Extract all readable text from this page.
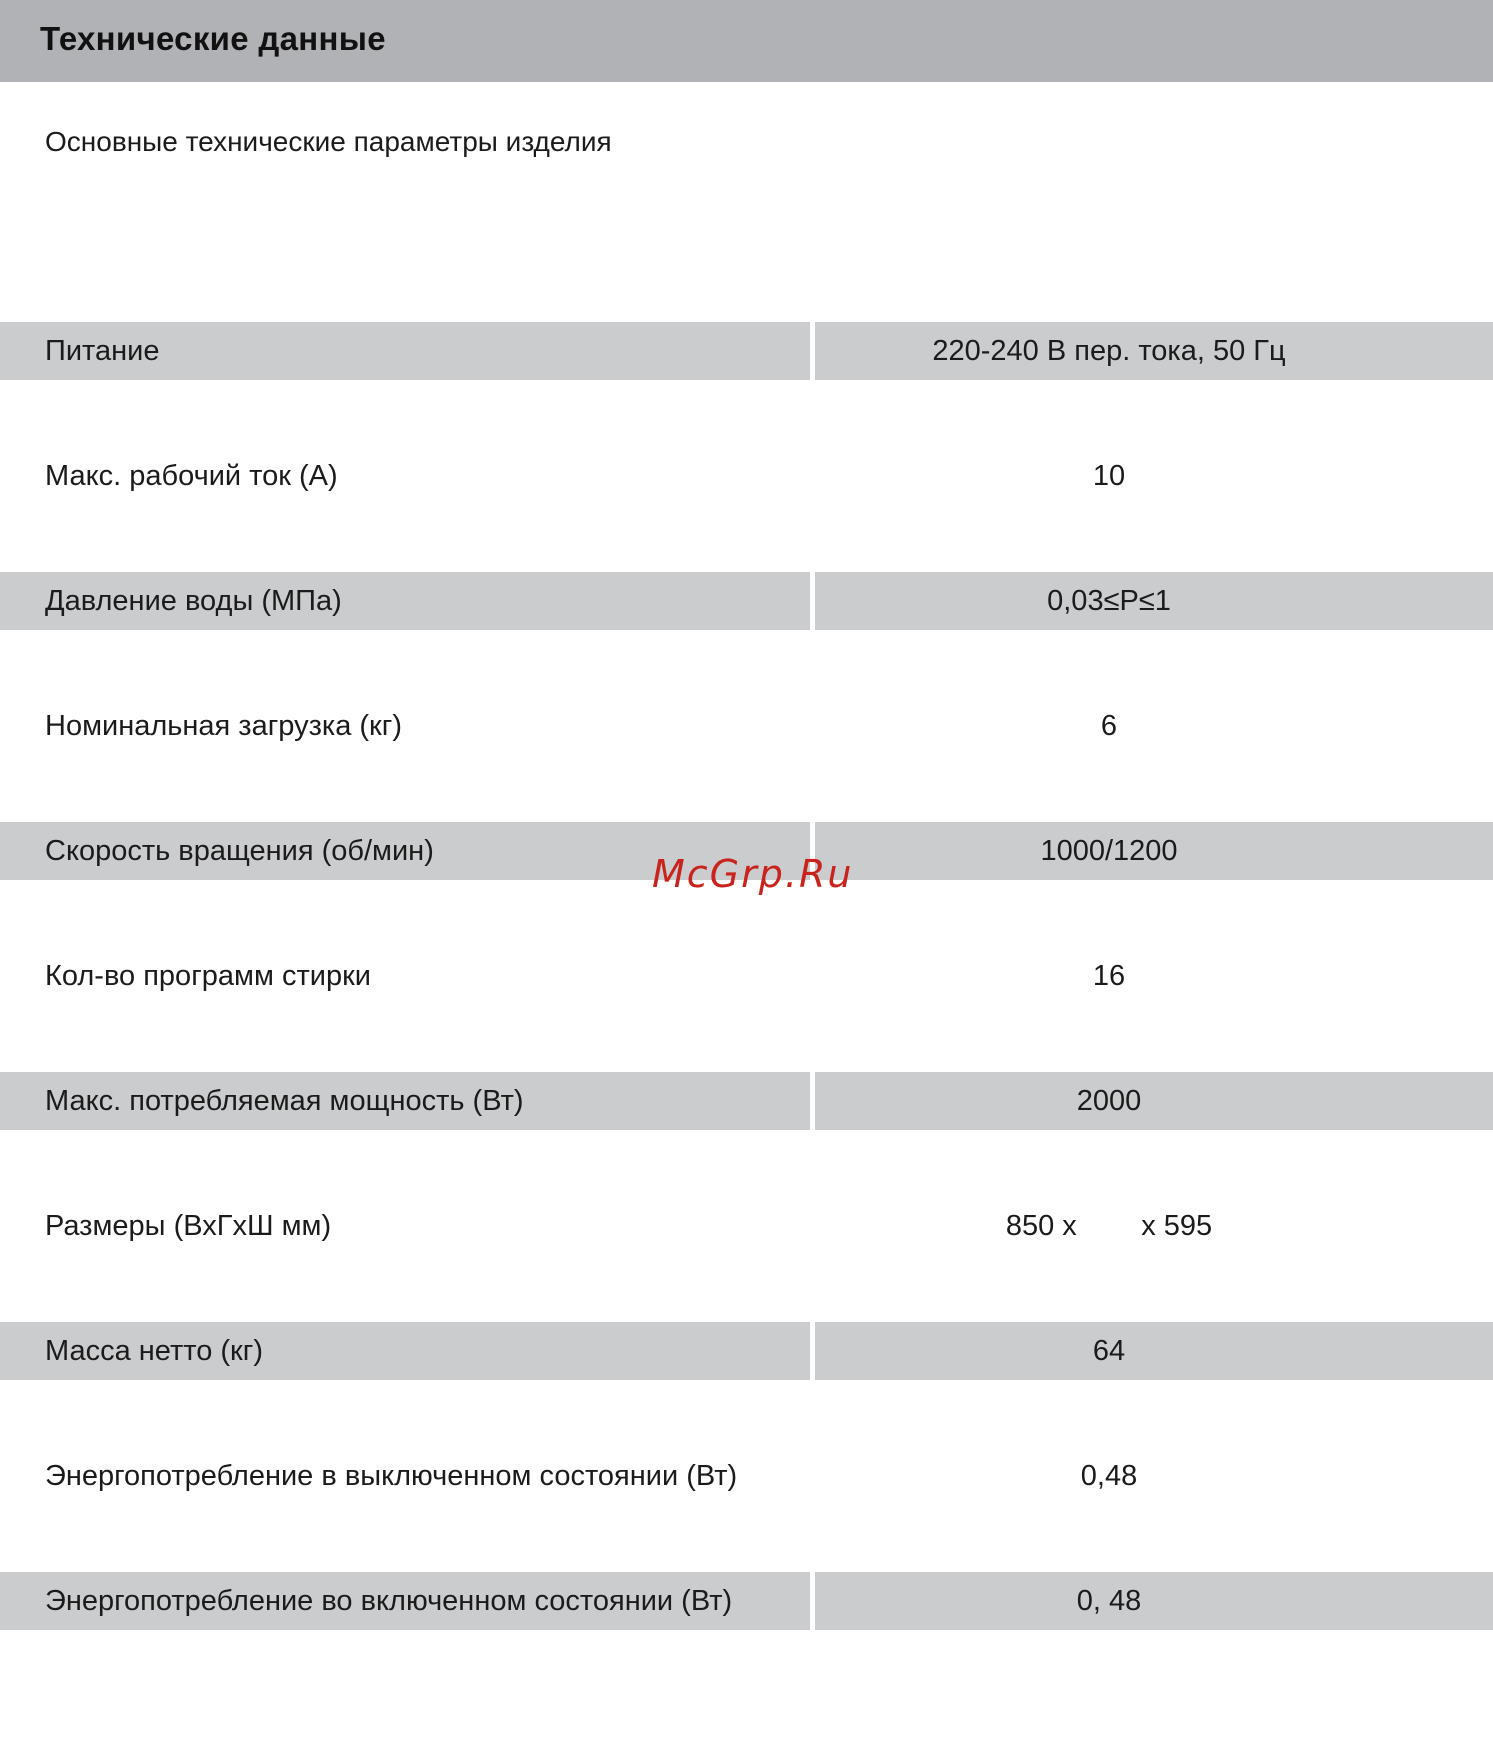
Технические данные
Основные технические параметры изделия
Питание	220-240 В пер. тока, 50 Гц
Макс. рабочий ток (А)	10
Давление воды (МПа)	0,03≤P≤1
Номинальная загрузка (кг)	6
Скорость вращения (об/мин)	1000/1200
Кол-во программ стирки	16
Макс. потребляемая мощность (Вт)	2000
Размеры (ВхГхШ мм)	850 x        x 595
Масса нетто (кг)	64
Энергопотребление в выключенном состоянии (Вт)	0,48
Энергопотребление во включенном состоянии (Вт)	0, 48
McGrp.Ru
